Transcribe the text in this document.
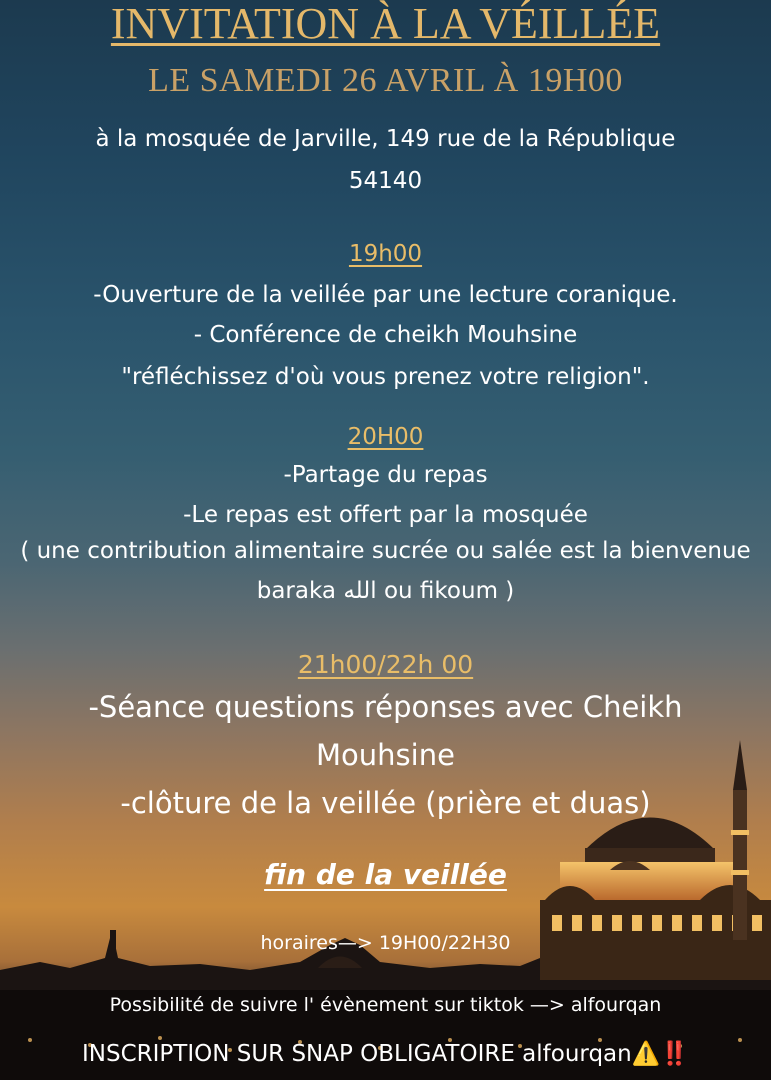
INVITATION À LA VÉILLÉE
LE SAMEDI 26 AVRIL À 19H00
à la mosquée de Jarville, 149 rue de la République
54140
19h00
-Ouverture de la veillée par une lecture coranique.
- Conférence de cheikh Mouhsine
"réfléchissez d'où vous prenez votre religion".
20H00
-Partage du repas
-Le repas est offert par la mosquée
( une contribution alimentaire sucrée ou salée est la bienvenue
baraka الله ou fikoum )
21h00/22h 00
-Séance questions réponses avec Cheikh
Mouhsine
-clôture de la veillée (prière et duas)
fin de la veillée
horaires—> 19H00/22H30
Possibilité de suivre l' évènement sur tiktok —> alfourqan
INSCRIPTION SUR SNAP OBLIGATOIRE alfourqan⚠️‼️
